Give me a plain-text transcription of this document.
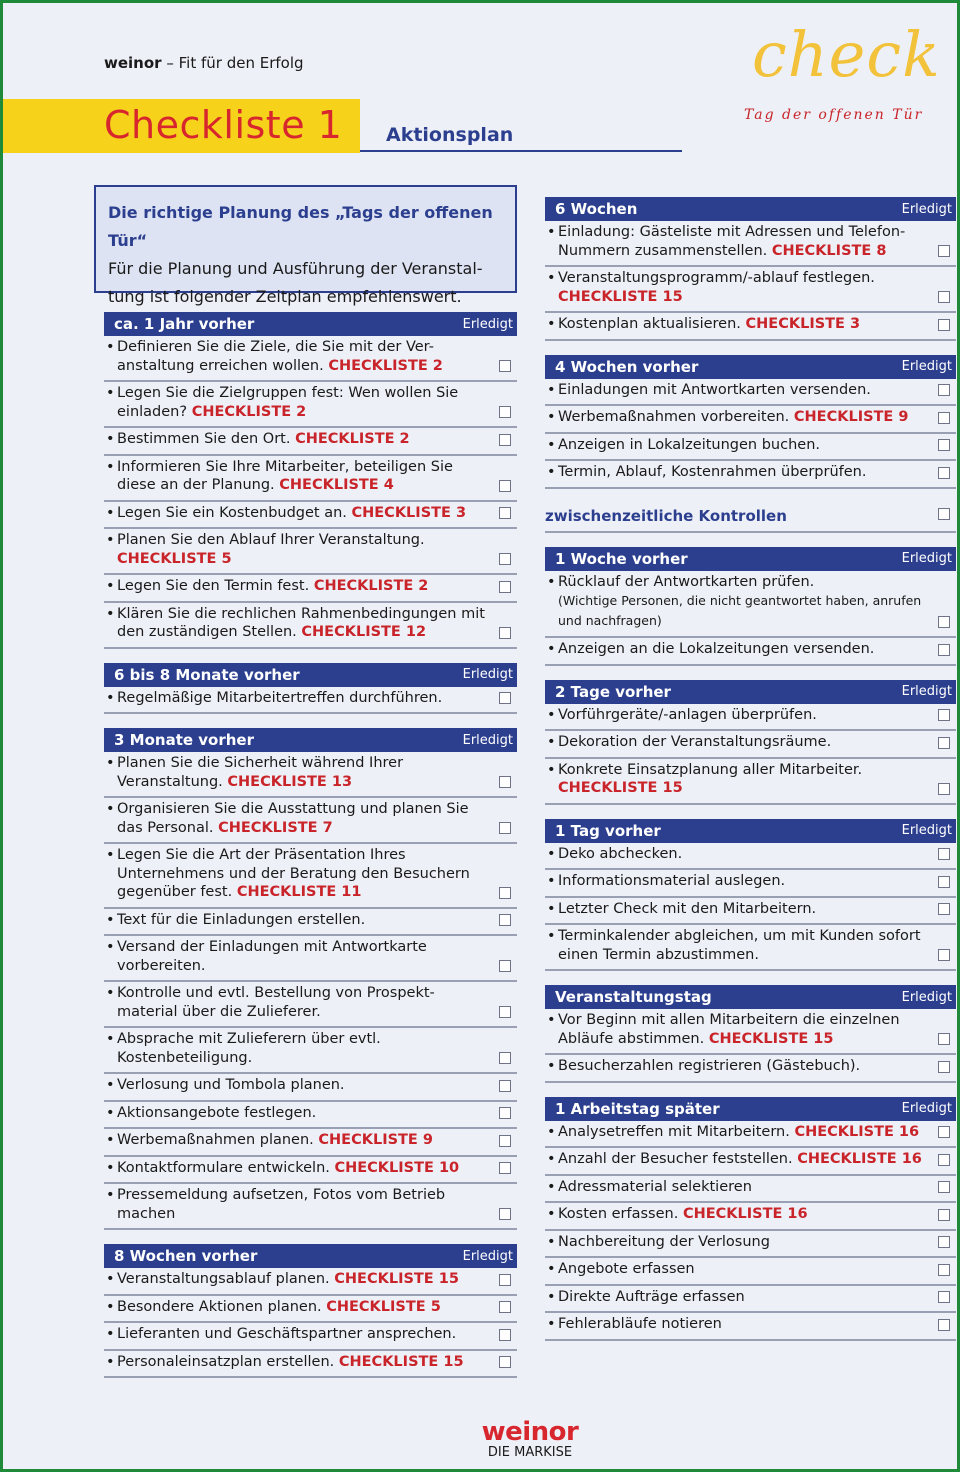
weinor – Fit für den Erfolg
Checkliste 1 Aktionsplan
check
Tag der offenen Tür
Die richtige Planung des „Tags der offenen Tür“
Für die Planung und Ausführung der Veranstal-tung ist folgender Zeitplan empfehlenswert.
ca. 1 Jahr vorher	Erledigt
• Definieren Sie die Ziele, die Sie mit der Ver-anstaltung erreichen wollen. CHECKLISTE 2
• Legen Sie die Zielgruppen fest: Wen wollen Sie einladen? CHECKLISTE 2
• Bestimmen Sie den Ort. CHECKLISTE 2
• Informieren Sie Ihre Mitarbeiter, beteiligen Sie diese an der Planung. CHECKLISTE 4
• Legen Sie ein Kostenbudget an. CHECKLISTE 3
• Planen Sie den Ablauf Ihrer Veranstaltung. CHECKLISTE 5
• Legen Sie den Termin fest. CHECKLISTE 2
• Klären Sie die rechlichen Rahmenbedingungen mit den zuständigen Stellen. CHECKLISTE 12
6 bis 8 Monate vorher	Erledigt
• Regelmäßige Mitarbeitertreffen durchführen.
3 Monate vorher	Erledigt
• Planen Sie die Sicherheit während Ihrer Veranstaltung. CHECKLISTE 13
• Organisieren Sie die Ausstattung und planen Sie das Personal. CHECKLISTE 7
• Legen Sie die Art der Präsentation Ihres Unternehmens und der Beratung den Besuchern gegenüber fest. CHECKLISTE 11
• Text für die Einladungen erstellen.
• Versand der Einladungen mit Antwortkarte vorbereiten.
• Kontrolle und evtl. Bestellung von Prospekt-material über die Zulieferer.
• Absprache mit Zulieferern über evtl. Kostenbeteiligung.
• Verlosung und Tombola planen.
• Aktionsangebote festlegen.
• Werbemaßnahmen planen. CHECKLISTE 9
• Kontaktformulare entwickeln. CHECKLISTE 10
• Pressemeldung aufsetzen, Fotos vom Betrieb machen
8 Wochen vorher	Erledigt
• Veranstaltungsablauf planen. CHECKLISTE 15
• Besondere Aktionen planen. CHECKLISTE 5
• Lieferanten und Geschäftspartner ansprechen.
• Personaleinsatzplan erstellen. CHECKLISTE 15
6 Wochen	Erledigt
• Einladung: Gästeliste mit Adressen und Telefon-Nummern zusammenstellen. CHECKLISTE 8
• Veranstaltungsprogramm/-ablauf festlegen. CHECKLISTE 15
• Kostenplan aktualisieren. CHECKLISTE 3
4 Wochen vorher	Erledigt
• Einladungen mit Antwortkarten versenden.
• Werbemaßnahmen vorbereiten. CHECKLISTE 9
• Anzeigen in Lokalzeitungen buchen.
• Termin, Ablauf, Kostenrahmen überprüfen.
zwischenzeitliche Kontrollen
1 Woche vorher	Erledigt
• Rücklauf der Antwortkarten prüfen.
(Wichtige Personen, die nicht geantwortet haben, anrufen und nachfragen)
• Anzeigen an die Lokalzeitungen versenden.
2 Tage vorher	Erledigt
• Vorführgeräte/-anlagen überprüfen.
• Dekoration der Veranstaltungsräume.
• Konkrete Einsatzplanung aller Mitarbeiter. CHECKLISTE 15
1 Tag vorher	Erledigt
• Deko abchecken.
• Informationsmaterial auslegen.
• Letzter Check mit den Mitarbeitern.
• Terminkalender abgleichen, um mit Kunden sofort einen Termin abzustimmen.
Veranstaltungstag	Erledigt
• Vor Beginn mit allen Mitarbeitern die einzelnen Abläufe abstimmen. CHECKLISTE 15
• Besucherzahlen registrieren (Gästebuch).
1 Arbeitstag später	Erledigt
• Analysetreffen mit Mitarbeitern. CHECKLISTE 16
• Anzahl der Besucher feststellen. CHECKLISTE 16
• Adressmaterial selektieren
• Kosten erfassen. CHECKLISTE 16
• Nachbereitung der Verlosung
• Angebote erfassen
• Direkte Aufträge erfassen
• Fehlerabläufe notieren
weinor
DIE MARKISE
